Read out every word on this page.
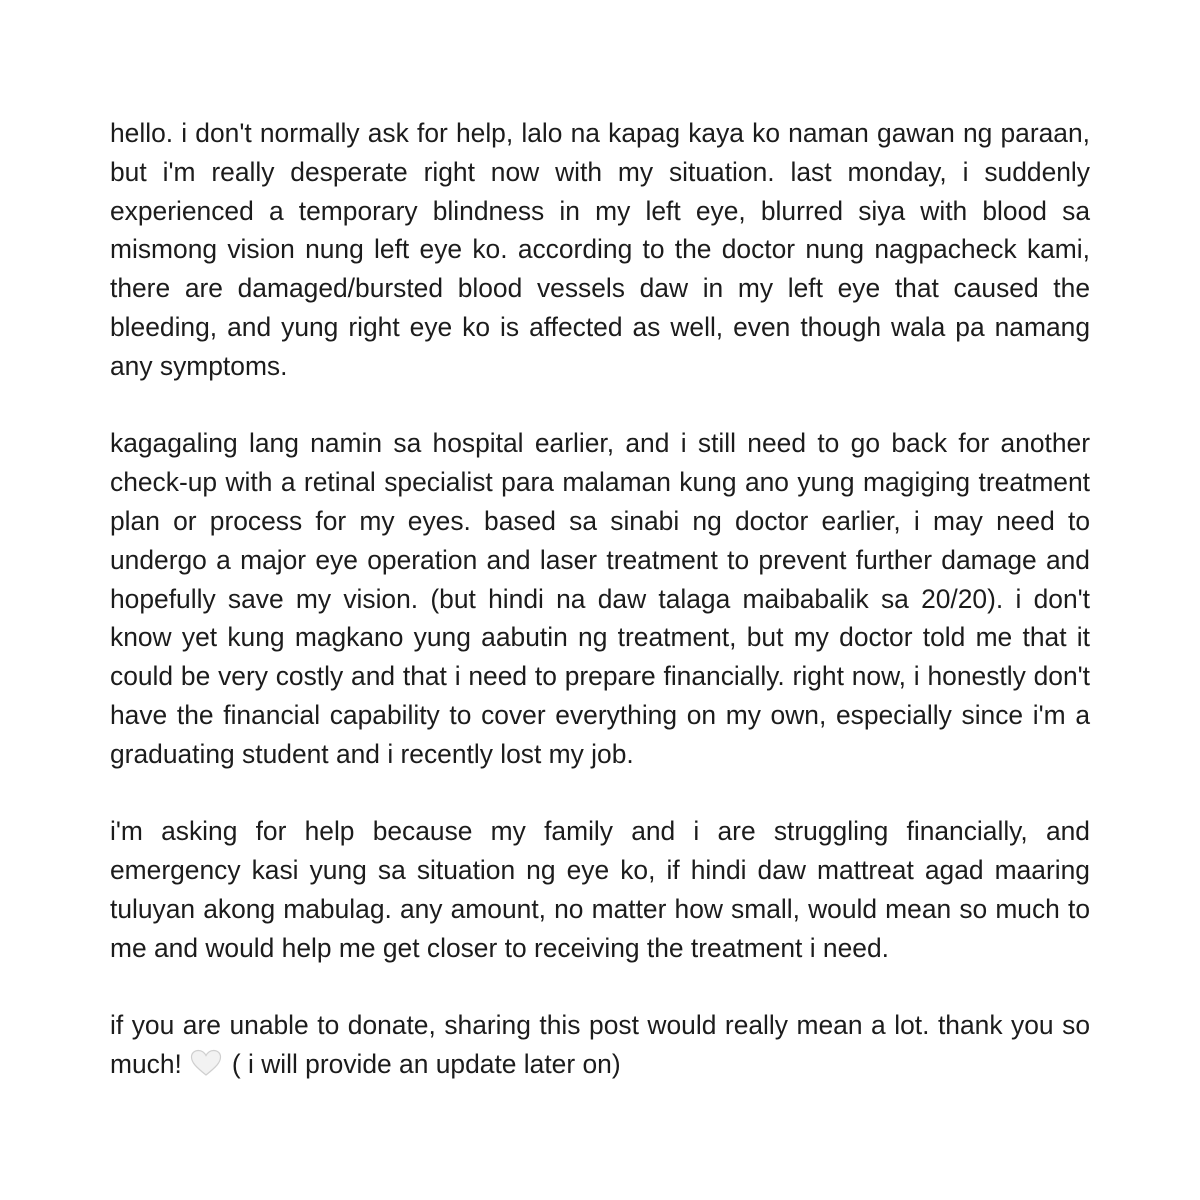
hello. i don't normally ask for help, lalo na kapag kaya ko naman gawan ng paraan, but i'm really desperate right now with my situation. last monday, i suddenly experienced a temporary blindness in my left eye, blurred siya with blood sa mismong vision nung left eye ko. according to the doctor nung nagpacheck kami, there are damaged/bursted blood vessels daw in my left eye that caused the bleeding, and yung right eye ko is affected as well, even though wala pa namang any symptoms.

kagagaling lang namin sa hospital earlier, and i still need to go back for another check-up with a retinal specialist para malaman kung ano yung magiging treatment plan or process for my eyes. based sa sinabi ng doctor earlier, i may need to undergo a major eye operation and laser treatment to prevent further damage and hopefully save my vision. (but hindi na daw talaga maibabalik sa 20/20). i don't know yet kung magkano yung aabutin ng treatment, but my doctor told me that it could be very costly and that i need to prepare financially. right now, i honestly don't have the financial capability to cover everything on my own, especially since i'm a graduating student and i recently lost my job.

i'm asking for help because my family and i are struggling financially, and emergency kasi yung sa situation ng eye ko, if hindi daw mattreat agad maaring tuluyan akong mabulag. any amount, no matter how small, would mean so much to me and would help me get closer to receiving the treatment i need.

if you are unable to donate, sharing this post would really mean a lot. thank you so much! ( i will provide an update later on)
